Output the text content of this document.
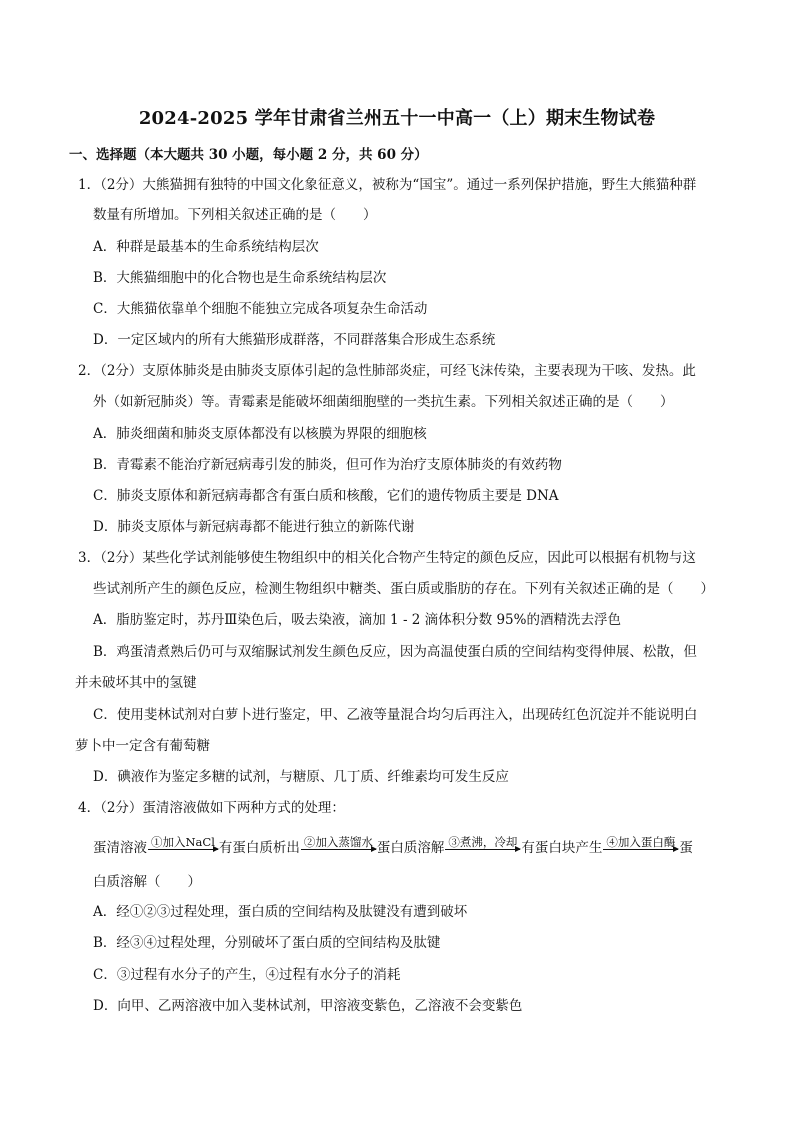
2024-2025 学年甘肃省兰州五十一中高一（上）期末生物试卷
一、选择题（本大题共 30 小题，每小题 2 分，共 60 分）
1．（2分）大熊猫拥有独特的中国文化象征意义，被称为“国宝”。通过一系列保护措施，野生大熊猫种群
数量有所增加。下列相关叙述正确的是（　　）
A．种群是最基本的生命系统结构层次
B．大熊猫细胞中的化合物也是生命系统结构层次
C．大熊猫依靠单个细胞不能独立完成各项复杂生命活动
D．一定区域内的所有大熊猫形成群落，不同群落集合形成生态系统
2．（2分）支原体肺炎是由肺炎支原体引起的急性肺部炎症，可经飞沫传染，主要表现为干咳、发热。此
外（如新冠肺炎）等。青霉素是能破坏细菌细胞壁的一类抗生素。下列相关叙述正确的是（　　）
A．肺炎细菌和肺炎支原体都没有以核膜为界限的细胞核
B．青霉素不能治疗新冠病毒引发的肺炎，但可作为治疗支原体肺炎的有效药物
C．肺炎支原体和新冠病毒都含有蛋白质和核酸，它们的遗传物质主要是 DNA
D．肺炎支原体与新冠病毒都不能进行独立的新陈代谢
3．（2分）某些化学试剂能够使生物组织中的相关化合物产生特定的颜色反应，因此可以根据有机物与这
些试剂所产生的颜色反应，检测生物组织中糖类、蛋白质或脂肪的存在。下列有关叙述正确的是（　　）
A．脂肪鉴定时，苏丹Ⅲ染色后，吸去染液，滴加 1 - 2 滴体积分数 95%的酒精洗去浮色
B．鸡蛋清煮熟后仍可与双缩脲试剂发生颜色反应，因为高温使蛋白质的空间结构变得伸展、松散，但
并未破坏其中的氢键
C．使用斐林试剂对白萝卜进行鉴定，甲、乙液等量混合均匀后再注入，出现砖红色沉淀并不能说明白
萝卜中一定含有葡萄糖
D．碘液作为鉴定多糖的试剂，与糖原、几丁质、纤维素均可发生反应
4．（2分）蛋清溶液做如下两种方式的处理：
蛋清溶液 ①加入NaCl 有蛋白质析出 ②加入蒸馏水 蛋白质溶解 ③煮沸，冷却 有蛋白块产生 ④加入蛋白酶 蛋
白质溶解（　　）
A．经①②③过程处理，蛋白质的空间结构及肽键没有遭到破坏
B．经③④过程处理，分别破坏了蛋白质的空间结构及肽键
C．③过程有水分子的产生，④过程有水分子的消耗
D．向甲、乙两溶液中加入斐林试剂，甲溶液变紫色，乙溶液不会变紫色
